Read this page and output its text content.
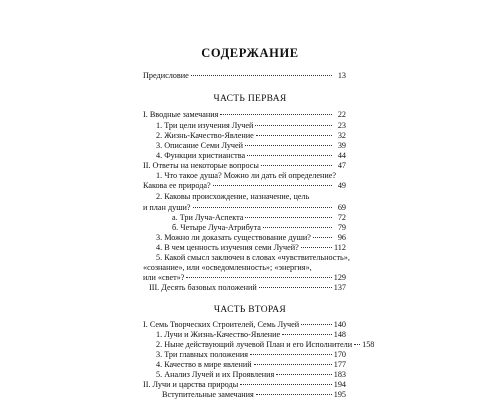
СОДЕРЖАНИЕ
Предисловие	13
ЧАСТЬ ПЕРВАЯ
I. Вводные замечания	22
1. Три цели изучения Лучей	23
2. Жизнь-Качество-Явление	32
3. Описание Семи Лучей	39
4. Функции христианства	44
II. Ответы на некоторые вопросы	47
1. Что такое душа? Можно ли дать ей определение?
Какова ее природа?	49
2. Каковы происхождение, назначение, цель
и план души?	69
а. Три Луча-Аспекта	72
б. Четыре Луча-Атрибута	79
3. Можно ли доказать существование души?	96
4. В чем ценность изучения семи Лучей?	112
5. Какой смысл заключен в словах «чувствительность»,
«сознание», или «осведомленность»; «энергия»,
или «свет»?	129
III. Десять базовых положений	137
ЧАСТЬ ВТОРАЯ
I. Семь Творческих Строителей, Семь Лучей	140
1. Лучи и Жизнь-Качество-Явление	148
2. Ныне действующий лучевой План и его Исполнители 158
3. Три главных положения	170
4. Качество в мире явлений	177
5. Анализ Лучей и их Проявления	183
II. Лучи и царства природы	194
Вступительные замечания	195
